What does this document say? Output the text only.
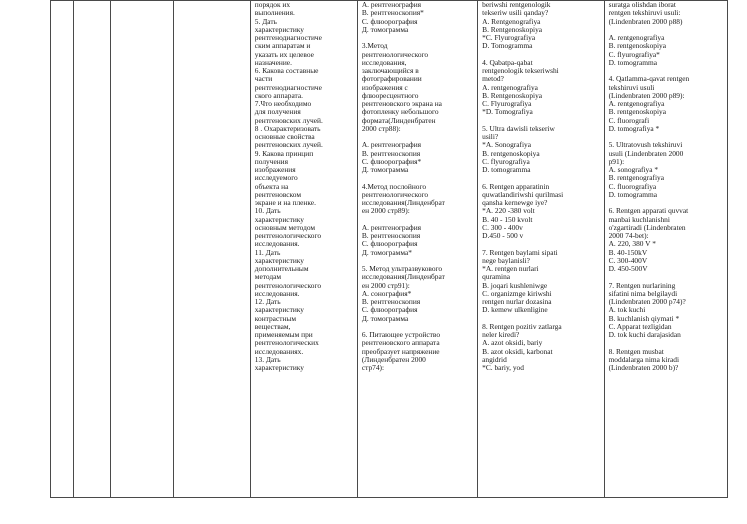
порядок их
выполнения.
5. Дать
характеристику
рентгенодиагностиче
ским аппаратам и
указать их целевое
назначение.
6. Какова составные
части
рентгенодиагностиче
ского аппарата.
7.Что необходимо
для получения
рентгеновских лучей.
8 . Охарактеризовать
основные свойства
рентгеновских лучей.
9. Какова принцип
получения
изображения
исследуемого
объекта на
рентгеновском
экране и на пленке.
10. Дать
характеристику
основным методом
рентгенологического
исследования.
11. Дать
характеристику
дополнительным
методам
рентгенологического
исследования.
12. Дать
характеристику
контрастным
веществам,
применяемым при
рентгенологических
исследованиях.
13. Дать
характеристику

А. рентгенография
В. рентгеноскопия*
С. флюорография
Д. томограмма
3.Метод
рентгенологического
исследования,
заключающийся в
фотографировании
изображения с
флюоресцентного
рентгеновского экрана на
фотопленку небольшого
формата(Линденбратен
2000 стр88):
А. рентгенография
В. рентгеноскопия
С. флюорография*
Д. томограмма
4.Метод послойного
рентгенологического
исследования(Линденбрат
ен 2000 стр89):
А. рентгенография
В. рентгеноскопия
С. флюорография
Д. томограмма*
5. Метод ультразвукового
исследования(Линденбрат
ен 2000 стр91):
А. сонография*
В. рентгеноскопия
С. флюорография
Д. томограмма
6. Питающее устройство
рентгеновского аппарата
преобразует напряжение
(Линденбратен 2000
стр74):

beriwshi rentgenologik
tekseriw usili qanday?
A. Rentgenografiya
B. Rentgenoskopiya
*C. Flyurografiya
D. Tomogramma
4. Qabatpa-qabat
rentgenologik tekseriwshi
metod?
A. rentgenografiya
B. Rentgenoskopiya
C. Flyurografiya
*D. Tomografiya
5. Ultra dawisli tekseriw
usili?
*A. Sonografiya
B. rentgenoskopiya
C. flyurografiya
D. tomogramma
6. Rentgen apparatinin
quwatlandiriwshi qurilmasi
qansha kernewge iye?
*A. 220 -380 volt
B. 40 - 150 kvolt
C. 300 - 400v
D.450 - 500 v
7. Rentgen baylami sipati
nege baylanisli?
*A. rentgen nurlari
quramina
B. joqari kushleniwge
C. organizmge kiriwshi
rentgen nurlar dozasina
D. kemew ulkenligine
8. Rentgen pozitiv zatlarga
neler kiredi?
A. azot oksidi, bariy
B. azot oksidi, karbonat
angidrid
*C. bariy, yod

suratga olishdan iborat
rentgen tekshiruvi usuli:
(Lindenbraten 2000 p88)
A. rentgenografiya
B. rentgenoskopiya
C. flyurografiya*
D. tomogramma
4. Qatlamma-qavat rentgen
tekshiruvi usuli
(Lindenbraten 2000 p89):
A. rentgenografiya
B. rentgenoskopiya
C. fluorografi
D. tomografiya *
5. Ultratovush tekshiruvi
usuli (Lindenbraten 2000
p91):
A. sonografiya *
B. rentgenografiya
C. fluorografiya
D. tomogramma
6. Rentgen apparati quvvat
manbai kuchlanishni
o'zgartiradi (Lindenbraten
2000 74-bet):
A. 220, 380 V *
B. 40-150kV
C. 300-400V
D. 450-500V
7. Rentgen nurlarining
sifatini nima belgilaydi
(Lindenbraten 2000 p74)?
A. tok kuchi
B. kuchlanish qiymati *
C. Apparat tezligidan
D. tok kuchi darajasidan
8. Rentgen musbat
moddalarga nima kiradi
(Lindenbraten 2000 b)?
